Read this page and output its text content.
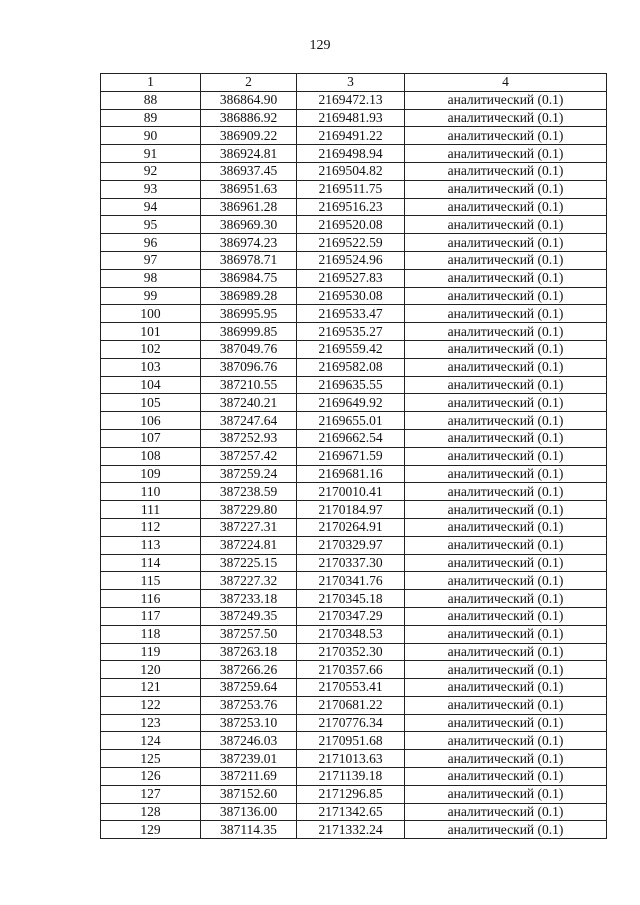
129
1	2	3	4
88	386864.90	2169472.13	аналитический (0.1)
89	386886.92	2169481.93	аналитический (0.1)
90	386909.22	2169491.22	аналитический (0.1)
91	386924.81	2169498.94	аналитический (0.1)
92	386937.45	2169504.82	аналитический (0.1)
93	386951.63	2169511.75	аналитический (0.1)
94	386961.28	2169516.23	аналитический (0.1)
95	386969.30	2169520.08	аналитический (0.1)
96	386974.23	2169522.59	аналитический (0.1)
97	386978.71	2169524.96	аналитический (0.1)
98	386984.75	2169527.83	аналитический (0.1)
99	386989.28	2169530.08	аналитический (0.1)
100	386995.95	2169533.47	аналитический (0.1)
101	386999.85	2169535.27	аналитический (0.1)
102	387049.76	2169559.42	аналитический (0.1)
103	387096.76	2169582.08	аналитический (0.1)
104	387210.55	2169635.55	аналитический (0.1)
105	387240.21	2169649.92	аналитический (0.1)
106	387247.64	2169655.01	аналитический (0.1)
107	387252.93	2169662.54	аналитический (0.1)
108	387257.42	2169671.59	аналитический (0.1)
109	387259.24	2169681.16	аналитический (0.1)
110	387238.59	2170010.41	аналитический (0.1)
111	387229.80	2170184.97	аналитический (0.1)
112	387227.31	2170264.91	аналитический (0.1)
113	387224.81	2170329.97	аналитический (0.1)
114	387225.15	2170337.30	аналитический (0.1)
115	387227.32	2170341.76	аналитический (0.1)
116	387233.18	2170345.18	аналитический (0.1)
117	387249.35	2170347.29	аналитический (0.1)
118	387257.50	2170348.53	аналитический (0.1)
119	387263.18	2170352.30	аналитический (0.1)
120	387266.26	2170357.66	аналитический (0.1)
121	387259.64	2170553.41	аналитический (0.1)
122	387253.76	2170681.22	аналитический (0.1)
123	387253.10	2170776.34	аналитический (0.1)
124	387246.03	2170951.68	аналитический (0.1)
125	387239.01	2171013.63	аналитический (0.1)
126	387211.69	2171139.18	аналитический (0.1)
127	387152.60	2171296.85	аналитический (0.1)
128	387136.00	2171342.65	аналитический (0.1)
129	387114.35	2171332.24	аналитический (0.1)
